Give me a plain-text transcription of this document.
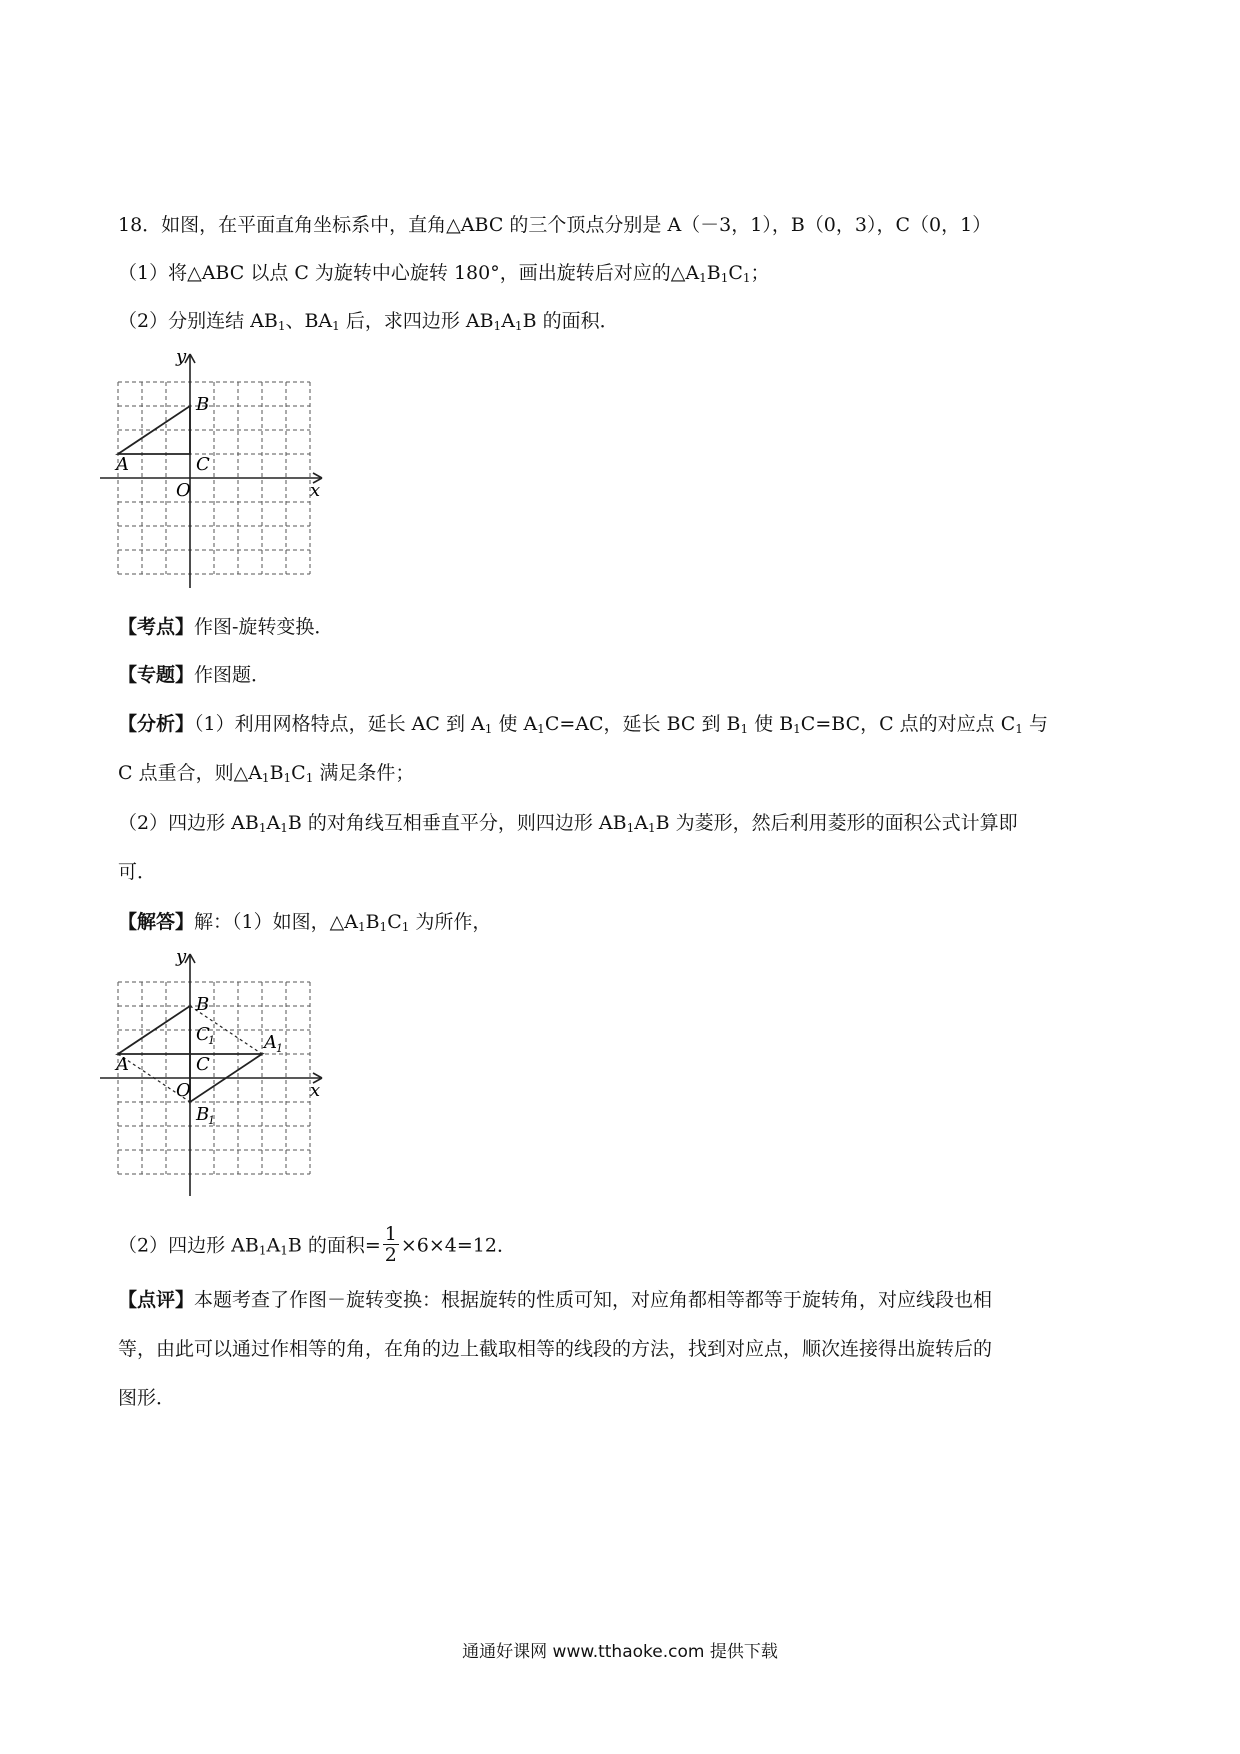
18．如图，在平面直角坐标系中，直角△ABC 的三个顶点分别是 A（－3，1），B（0，3），C（0，1）
（1）将△ABC 以点 C 为旋转中心旋转 180°，画出旋转后对应的$\triangle A_1B_1C_1$；
（2）分别连结 $AB_1$、$BA_1$ 后，求四边形 $AB_1A_1B$ 的面积．
y
x
O
A
B
C
【考点】作图-旋转变换．
【专题】作图题．
【分析】（1）利用网格特点，延长 AC 到 $A_1$ 使 $A_1C=AC$，延长 BC 到 $B_1$ 使 $B_1C=BC$，C 点的对应点 $C_1$ 与
C 点重合，则$\triangle A_1B_1C_1$ 满足条件；
（2）四边形 $AB_1A_1B$ 的对角线互相垂直平分，则四边形 $AB_1A_1B$ 为菱形，然后利用菱形的面积公式计算即
可．
【解答】解：（1）如图，$\triangle A_1B_1C_1$ 为所作，
y
x
O
A
B
C
C
1	A 1
B
1
（2）四边形 $AB_1A_1B$ 的面积= $\frac{1}{2} \times 6\times 4=12$．
【点评】本题考查了作图－旋转变换：根据旋转的性质可知，对应角都相等都等于旋转角，对应线段也相
等，由此可以通过作相等的角，在角的边上截取相等的线段的方法，找到对应点，顺次连接得出旋转后的
图形．
通通好课网 www.tthaoke.com 提供下载
